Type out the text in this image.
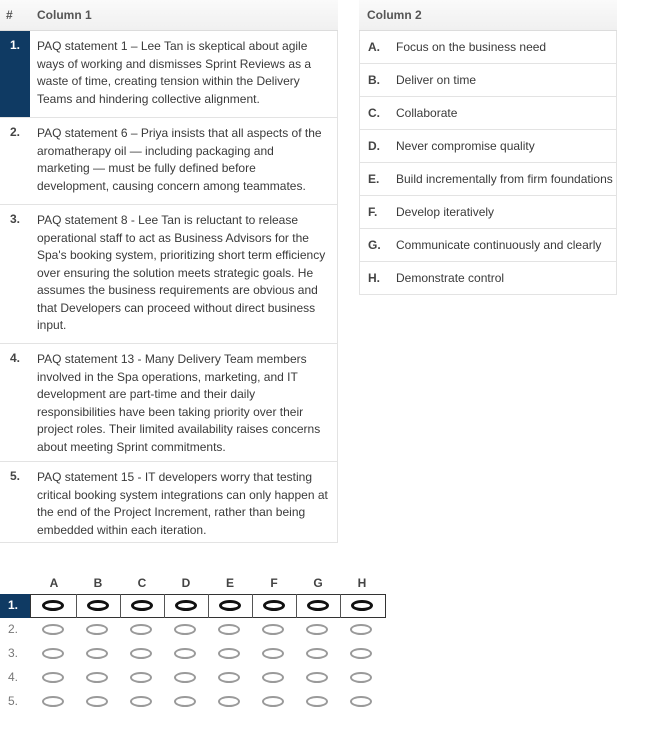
#	Column 1
1.	PAQ statement 1 – Lee Tan is skeptical about agile ways of working and dismisses Sprint Reviews as a waste of time, creating tension within the Delivery Teams and hindering collective alignment.
2.	PAQ statement 6 – Priya insists that all aspects of the aromatherapy oil — including packaging and marketing — must be fully defined before development, causing concern among teammates.
3.	PAQ statement 8 - Lee Tan is reluctant to release operational staff to act as Business Advisors for the Spa's booking system, prioritizing short term efficiency over ensuring the solution meets strategic goals. He assumes the business requirements are obvious and that Developers can proceed without direct business input.
4.	PAQ statement 13 - Many Delivery Team members involved in the Spa operations, marketing, and IT development are part-time and their daily responsibilities have been taking priority over their project roles. Their limited availability raises concerns about meeting Sprint commitments.
5.	PAQ statement 15 - IT developers worry that testing critical booking system integrations can only happen at the end of the Project Increment, rather than being embedded within each iteration.
Column 2
A.	Focus on the business need
B.	Deliver on time
C.	Collaborate
D.	Never compromise quality
E.	Build incrementally from firm foundations
F.	Develop iteratively
G.	Communicate continuously and clearly
H.	Demonstrate control
A	B	C	D	E	F	G	H
1.
2.
3.
4.
5.
